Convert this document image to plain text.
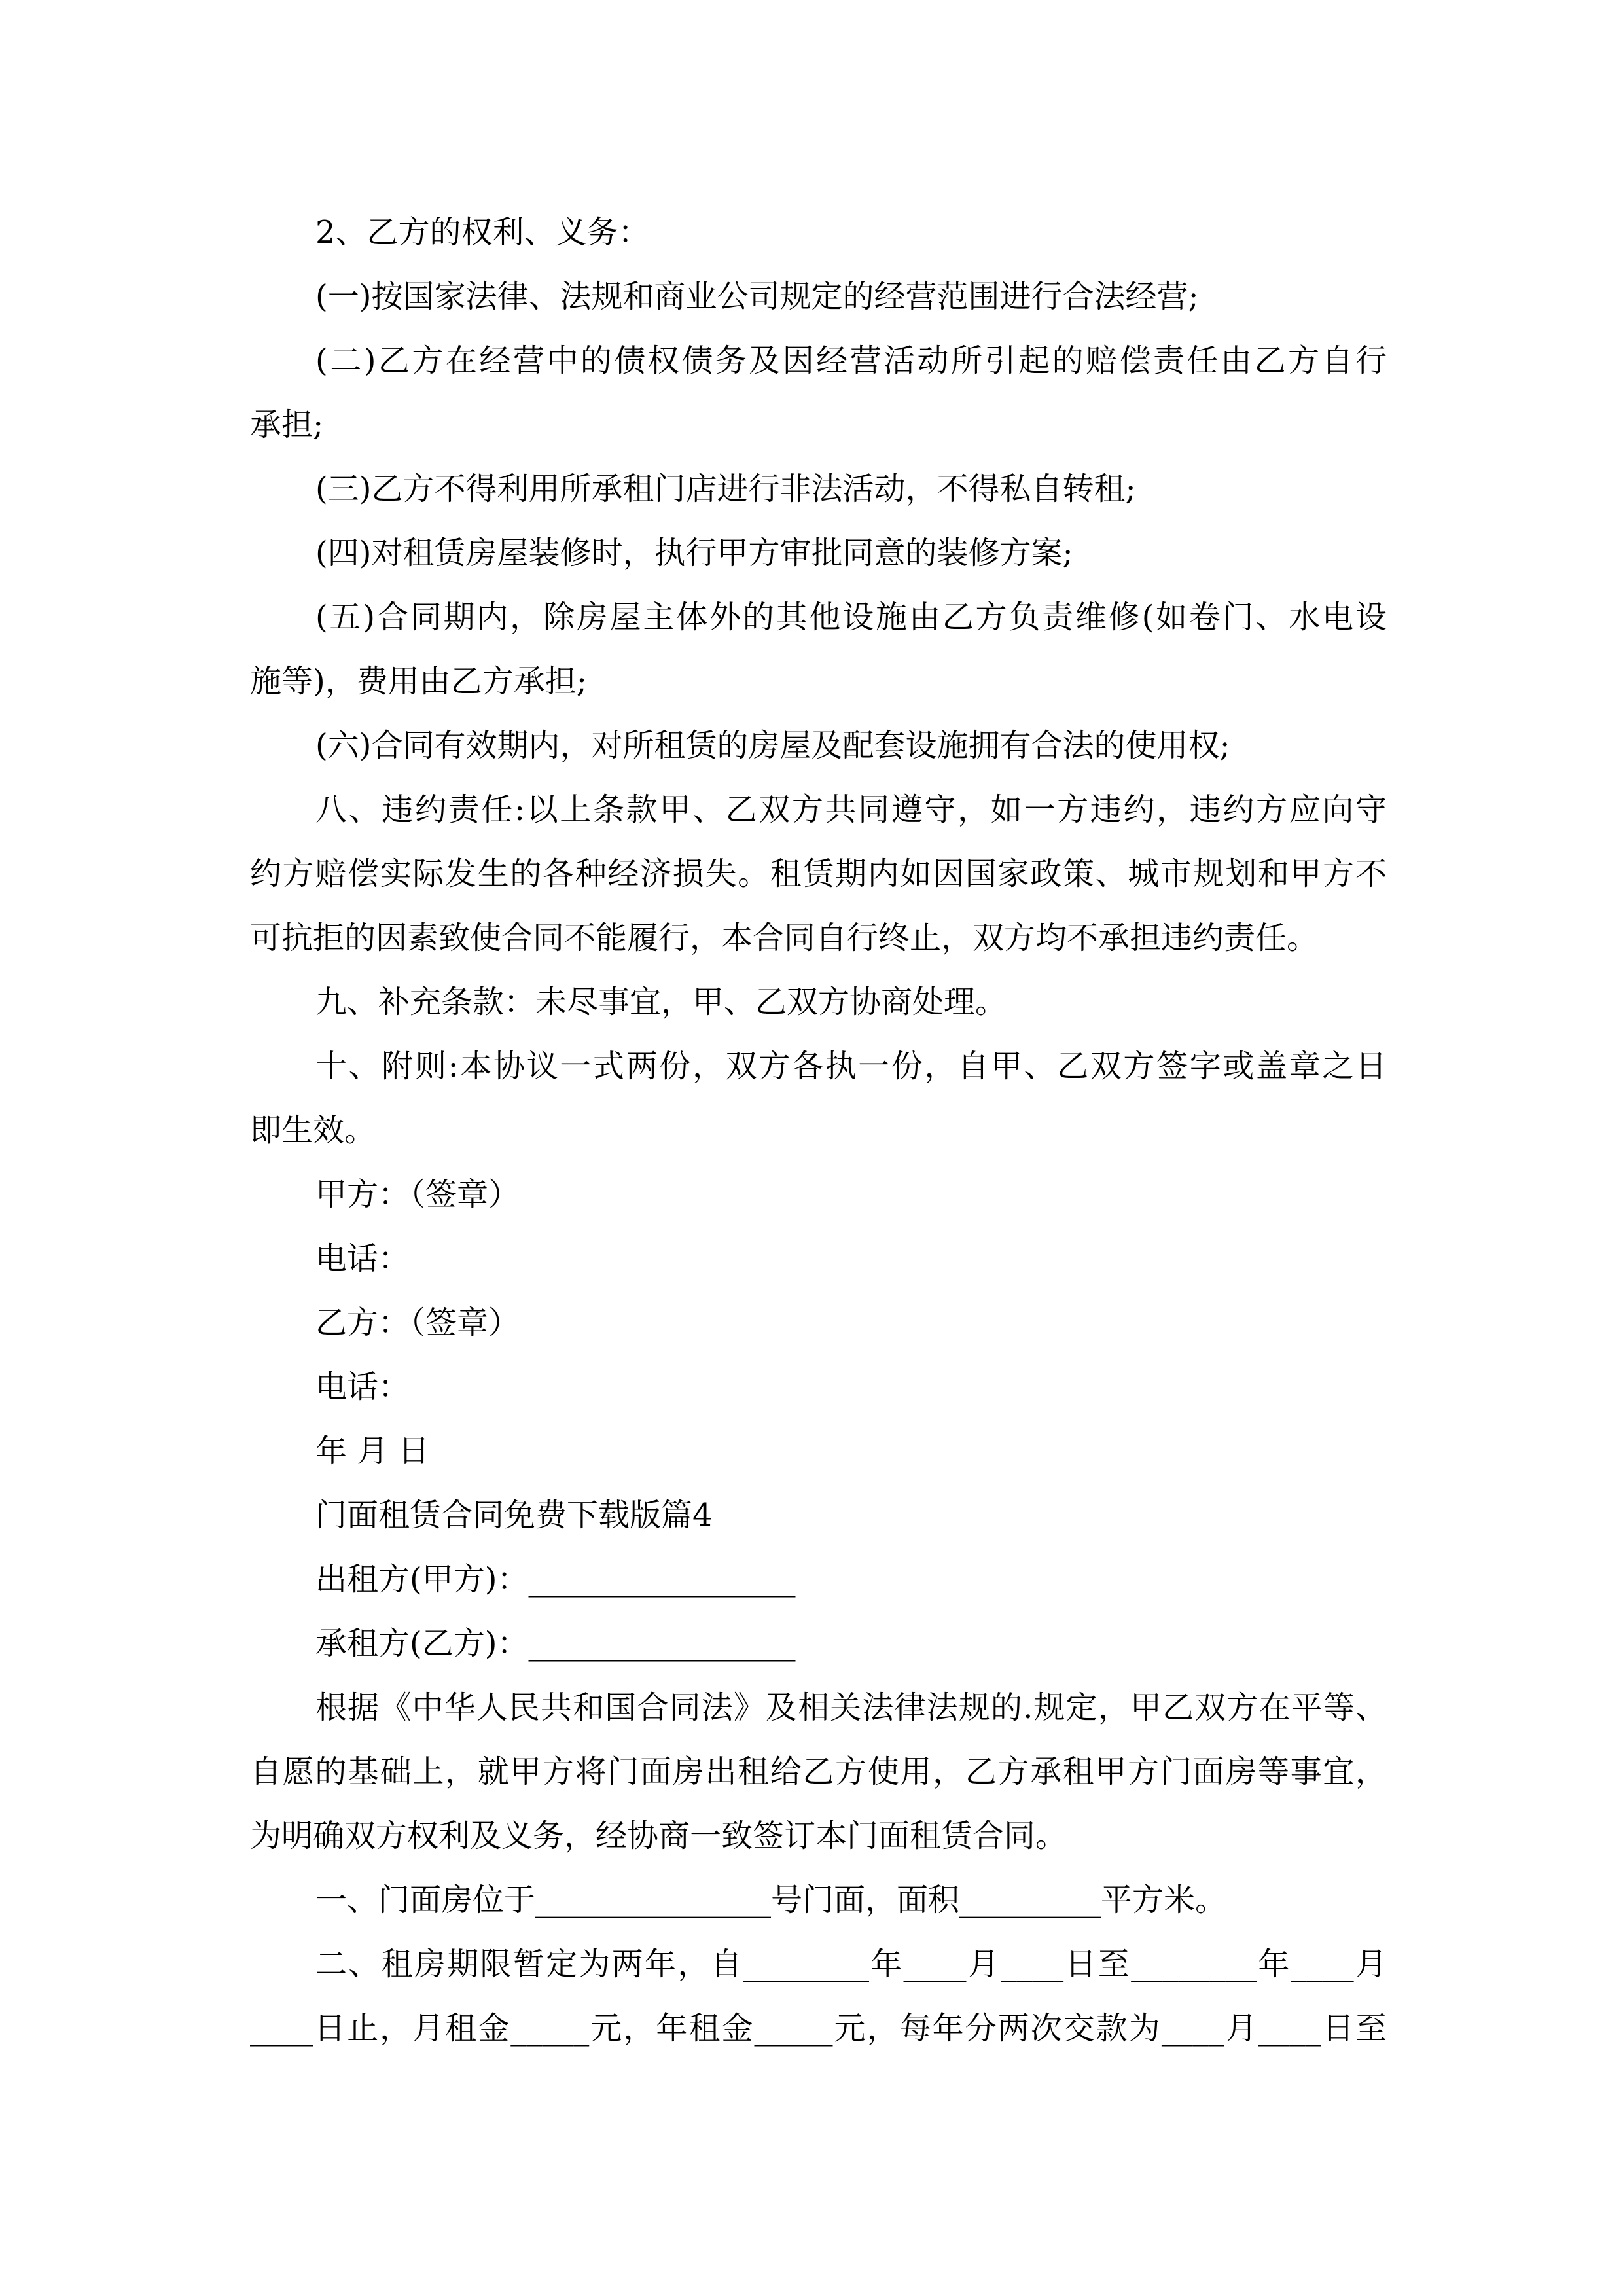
2、乙方的权利、义务：
(一)按国家法律、法规和商业公司规定的经营范围进行合法经营;
(二)乙方在经营中的债权债务及因经营活动所引起的赔偿责任由乙方自行
承担;
(三)乙方不得利用所承租门店进行非法活动，不得私自转租;
(四)对租赁房屋装修时，执行甲方审批同意的装修方案;
(五)合同期内，除房屋主体外的其他设施由乙方负责维修(如卷门、水电设
施等)，费用由乙方承担;
(六)合同有效期内，对所租赁的房屋及配套设施拥有合法的使用权;
八、违约责任:以上条款甲、乙双方共同遵守，如一方违约，违约方应向守
约方赔偿实际发生的各种经济损失。租赁期内如因国家政策、城市规划和甲方不
可抗拒的因素致使合同不能履行，本合同自行终止，双方均不承担违约责任。
九、补充条款：未尽事宜，甲、乙双方协商处理。
十、附则:本协议一式两份，双方各执一份，自甲、乙双方签字或盖章之日
即生效。
甲方：（签章）
电话：
乙方：（签章）
电话：
年 月 日
门面租赁合同免费下载版篇4
出租方(甲方)：_________________
承租方(乙方)：_________________
根据《中华人民共和国合同法》及相关法律法规的.规定，甲乙双方在平等、
自愿的基础上，就甲方将门面房出租给乙方使用，乙方承租甲方门面房等事宜，
为明确双方权利及义务，经协商一致签订本门面租赁合同。
一、门面房位于_______________号门面，面积_________平方米。
二、租房期限暂定为两年，自________年____月____日至________年____月
____日止，月租金_____元，年租金_____元，每年分两次交款为____月____日至
